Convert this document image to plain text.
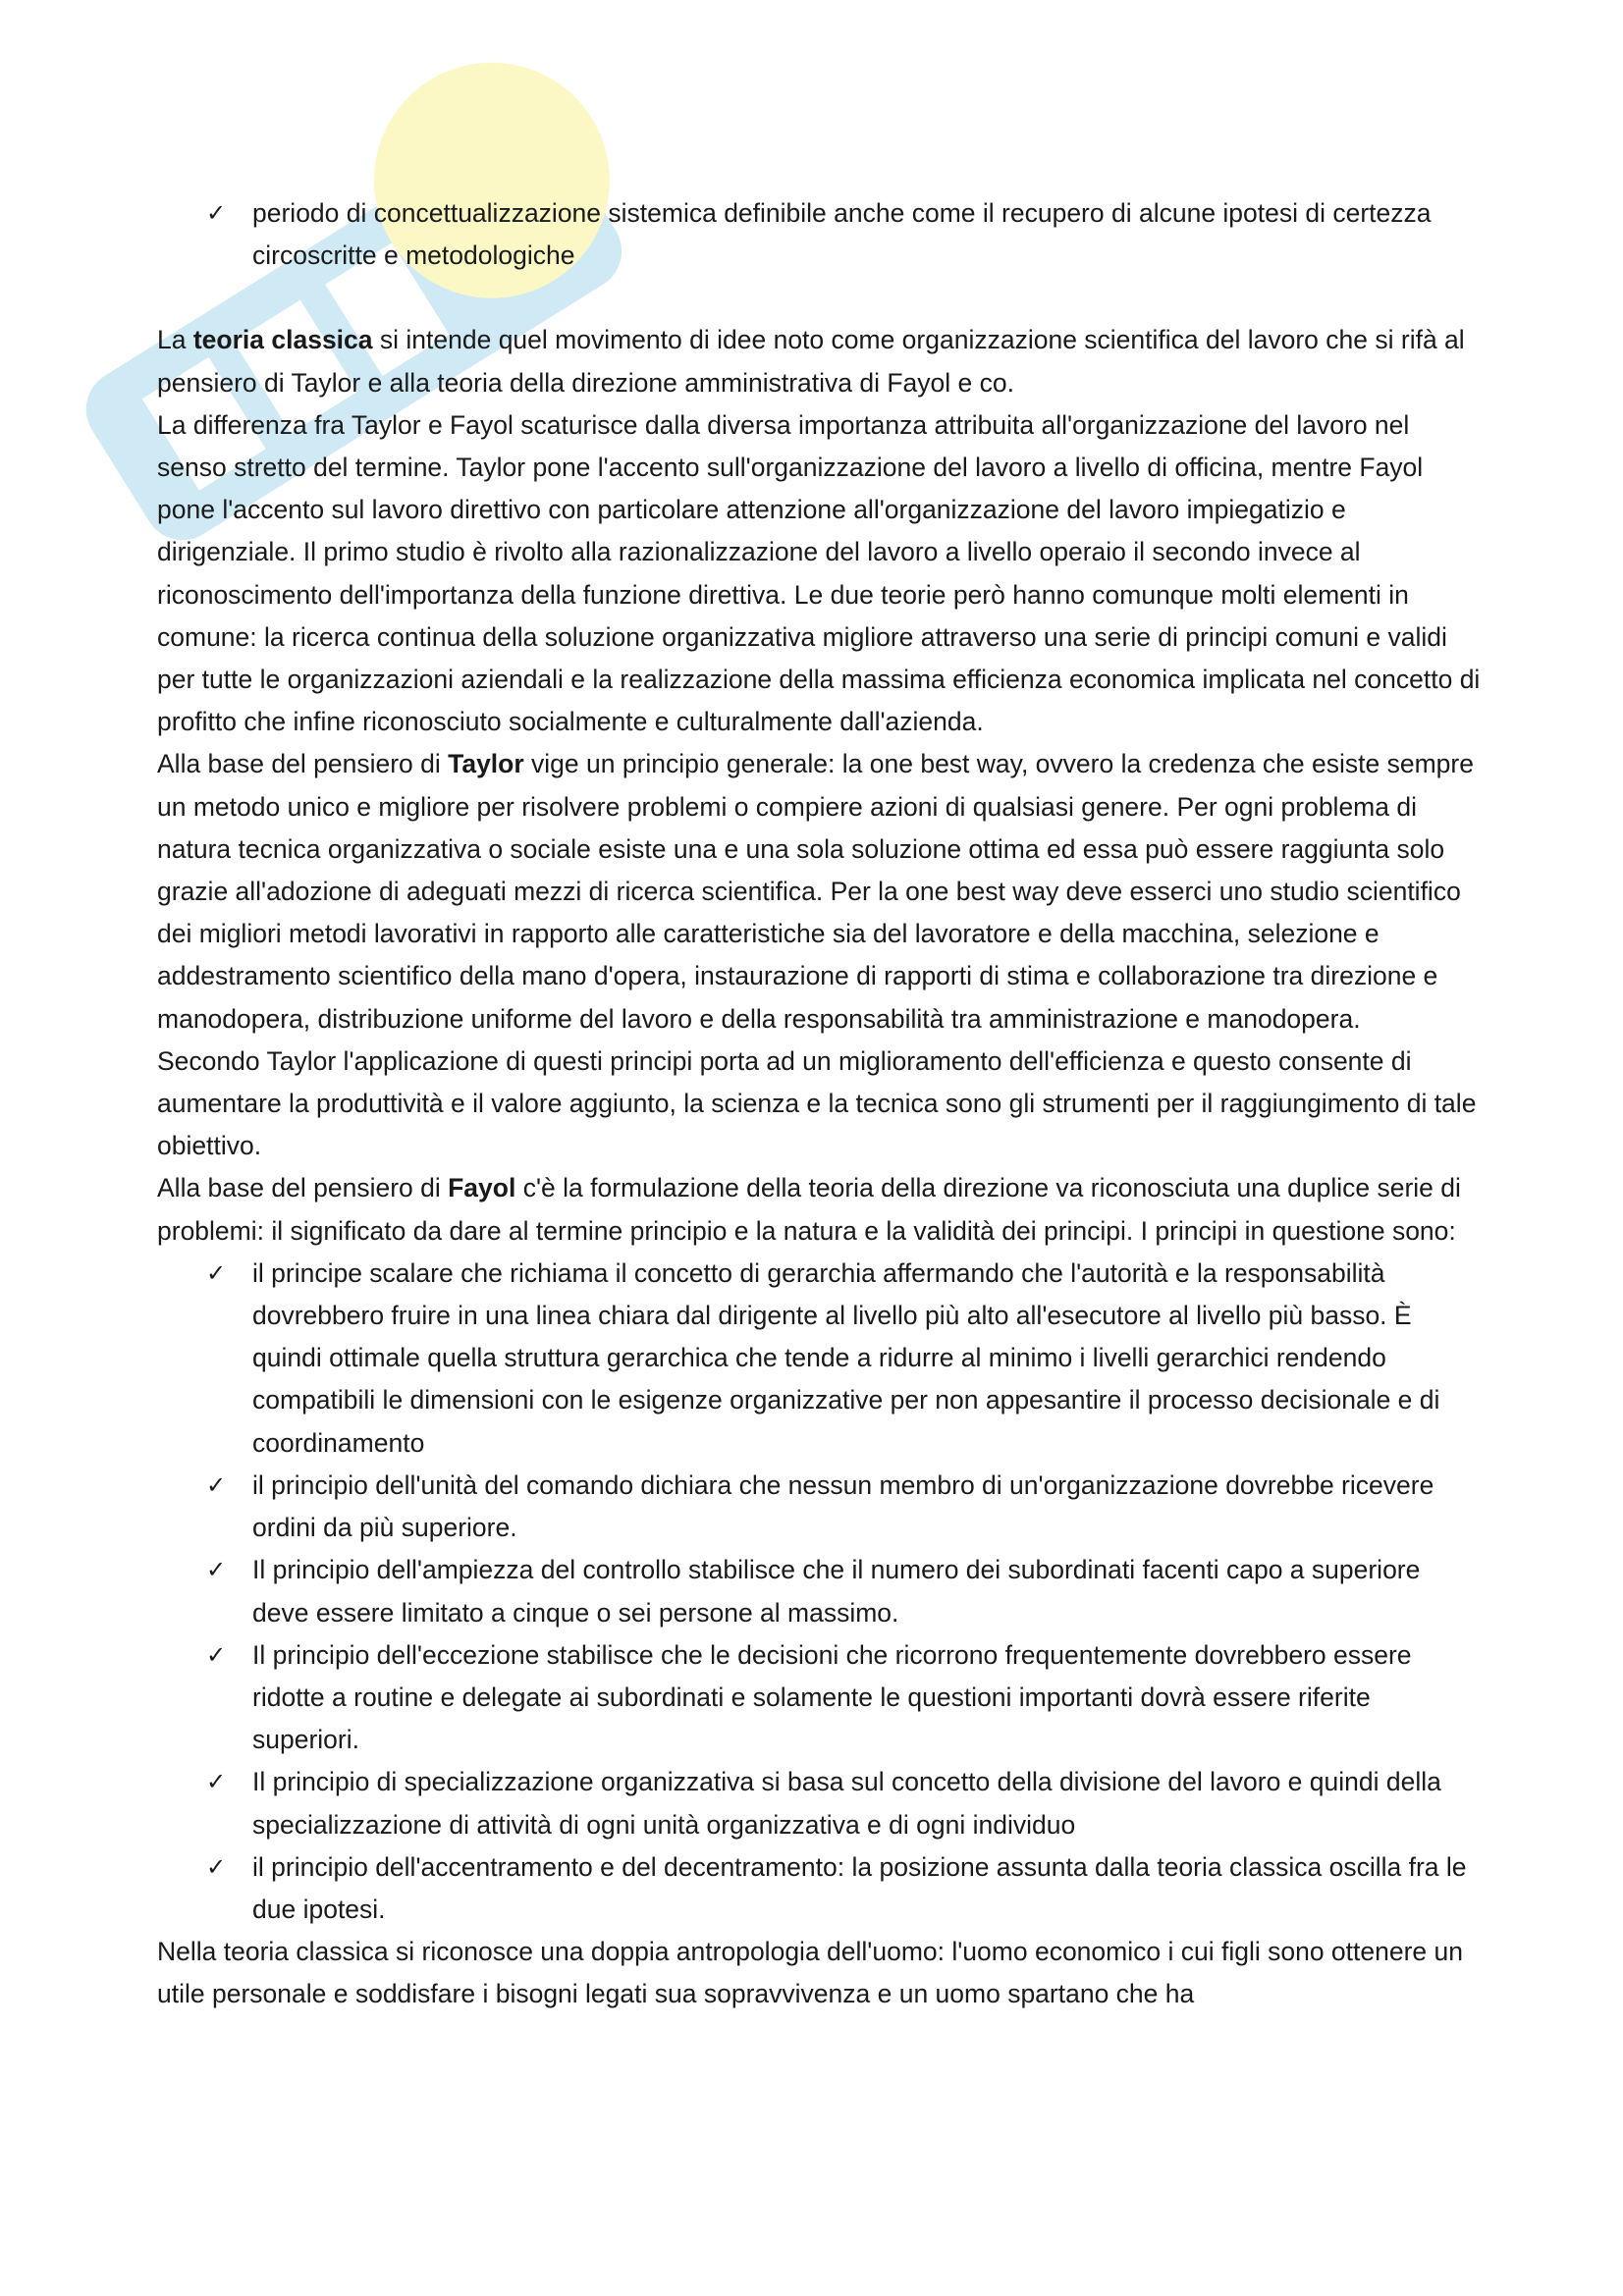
✓	periodo di concettualizzazione sistemica definibile anche come il recupero di alcune ipotesi di certezza circoscritte e metodologiche

La teoria classica si intende quel movimento di idee noto come organizzazione scientifica del lavoro che si rifà al pensiero di Taylor e alla teoria della direzione amministrativa di Fayol e co.

La differenza fra Taylor e Fayol scaturisce dalla diversa importanza attribuita all'organizzazione del lavoro nel senso stretto del termine. Taylor pone l'accento sull'organizzazione del lavoro a livello di officina, mentre Fayol pone l'accento sul lavoro direttivo con particolare attenzione all'organizzazione del lavoro impiegatizio e dirigenziale. Il primo studio è rivolto alla razionalizzazione del lavoro a livello operaio il secondo invece al riconoscimento dell'importanza della funzione direttiva. Le due teorie però hanno comunque molti elementi in comune: la ricerca continua della soluzione organizzativa migliore attraverso una serie di principi comuni e validi per tutte le organizzazioni aziendali e la realizzazione della massima efficienza economica implicata nel concetto di profitto che infine riconosciuto socialmente e culturalmente dall'azienda.

Alla base del pensiero di Taylor vige un principio generale: la one best way, ovvero la credenza che esiste sempre un metodo unico e migliore per risolvere problemi o compiere azioni di qualsiasi genere. Per ogni problema di natura tecnica organizzativa o sociale esiste una e una sola soluzione ottima ed essa può essere raggiunta solo grazie all'adozione di adeguati mezzi di ricerca scientifica. Per la one best way deve esserci uno studio scientifico dei migliori metodi lavorativi in rapporto alle caratteristiche sia del lavoratore e della macchina, selezione e addestramento scientifico della mano d'opera, instaurazione di rapporti di stima e collaborazione tra direzione e manodopera, distribuzione uniforme del lavoro e della responsabilità tra amministrazione e manodopera.

Secondo Taylor l'applicazione di questi principi porta ad un miglioramento dell'efficienza e questo consente di aumentare la produttività e il valore aggiunto, la scienza e la tecnica sono gli strumenti per il raggiungimento di tale obiettivo.

Alla base del pensiero di Fayol c'è la formulazione della teoria della direzione va riconosciuta una duplice serie di problemi: il significato da dare al termine principio e la natura e la validità dei principi. I principi in questione sono:

✓	il principe scalare che richiama il concetto di gerarchia affermando che l'autorità e la responsabilità dovrebbero fruire in una linea chiara dal dirigente al livello più alto all'esecutore al livello più basso. È quindi ottimale quella struttura gerarchica che tende a ridurre al minimo i livelli gerarchici rendendo compatibili le dimensioni con le esigenze organizzative per non appesantire il processo decisionale e di coordinamento
✓	il principio dell'unità del comando dichiara che nessun membro di un'organizzazione dovrebbe ricevere ordini da più superiore.
✓	Il principio dell'ampiezza del controllo stabilisce che il numero dei subordinati facenti capo a superiore deve essere limitato a cinque o sei persone al massimo.
✓	Il principio dell'eccezione stabilisce che le decisioni che ricorrono frequentemente dovrebbero essere ridotte a routine e delegate ai subordinati e solamente le questioni importanti dovrà essere riferite superiori.
✓	Il principio di specializzazione organizzativa si basa sul concetto della divisione del lavoro e quindi della specializzazione di attività di ogni unità organizzativa e di ogni individuo
✓	il principio dell'accentramento e del decentramento: la posizione assunta dalla teoria classica oscilla fra le due ipotesi.

Nella teoria classica si riconosce una doppia antropologia dell'uomo: l'uomo economico i cui figli sono ottenere un utile personale e soddisfare i bisogni legati sua sopravvivenza e un uomo spartano che ha
